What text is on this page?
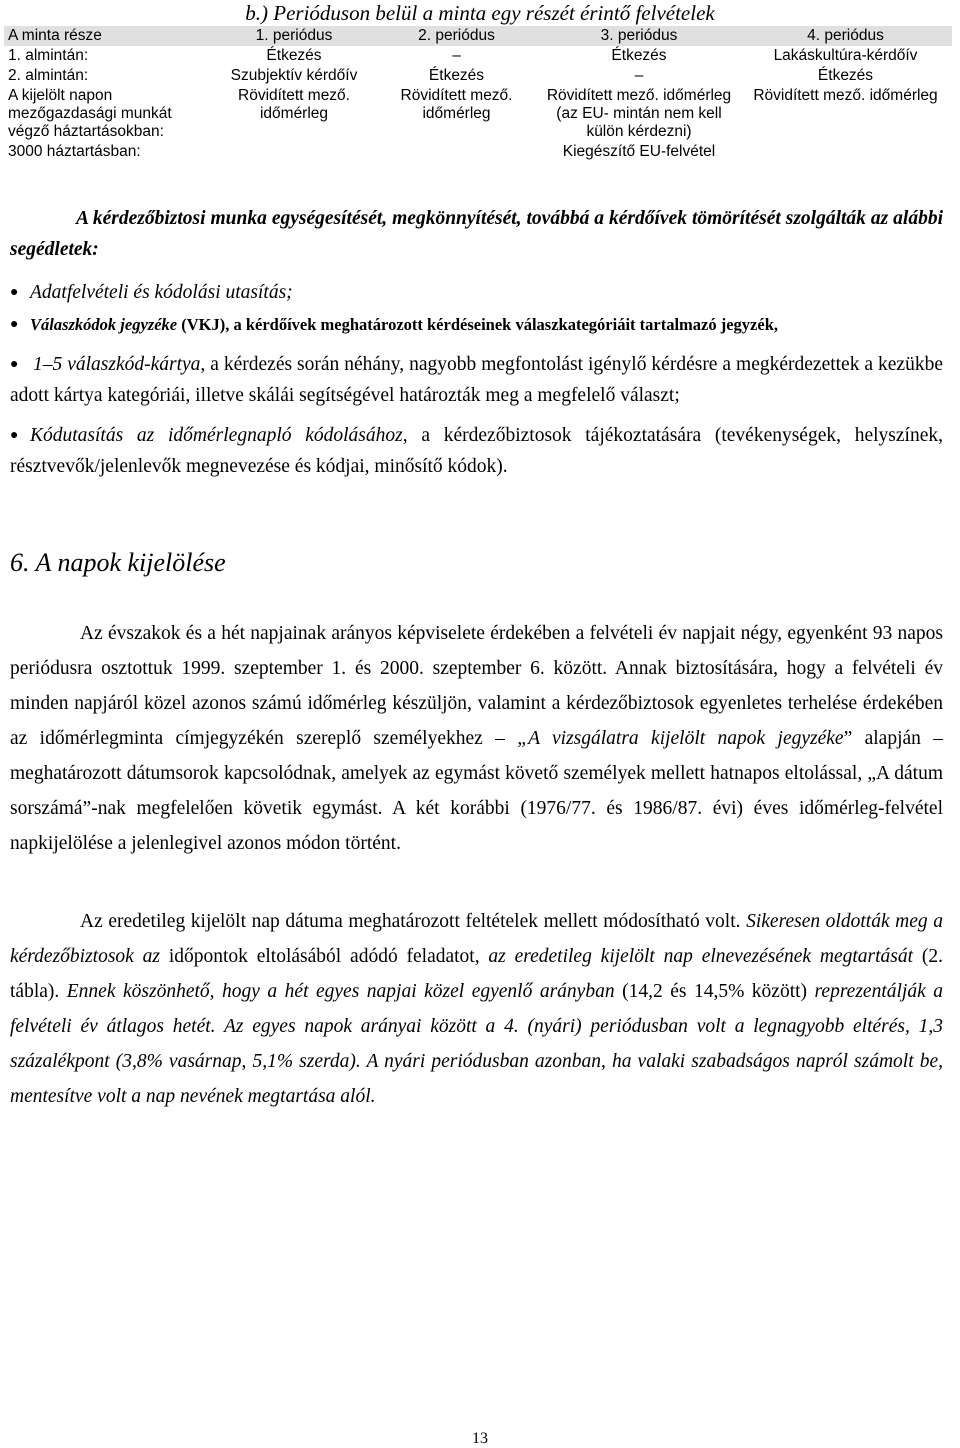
b.) Perióduson belül a minta egy részét érintő felvételek
A minta része	1. periódus	2. periódus	3. periódus	4. periódus
1. almintán:	Étkezés	–	Étkezés	Lakáskultúra-kérdőív
2. almintán:	Szubjektív kérdőív	Étkezés	–	Étkezés
A kijelölt napon mezőgazdasági munkát végző háztartásokban:	Rövidített mező. időmérleg	Rövidített mező. időmérleg	Rövidített mező. időmérleg (az EU- mintán nem kell külön kérdezni)	Rövidített mező. időmérleg
3000 háztartásban:			Kiegészítő EU-felvétel	

A kérdezőbiztosi munka egységesítését, megkönnyítését, továbbá a kérdőívek tömörítését szolgálták az alábbi segédletek:

● Adatfelvételi és kódolási utasítás;
● Válaszkódok jegyzéke (VKJ), a kérdőívek meghatározott kérdéseinek válaszkategóriáit tartalmazó jegyzék,
● 1–5 válaszkód-kártya, a kérdezés során néhány, nagyobb megfontolást igénylő kérdésre a megkérdezettek a kezükbe adott kártya kategóriái, illetve skálái segítségével határozták meg a megfelelő választ;
● Kódutasítás az időmérlegnapló kódolásához, a kérdezőbiztosok tájékoztatására (tevékenységek, helyszínek, résztvevők/jelenlevők megnevezése és kódjai, minősítő kódok).
6. A napok kijelölése

Az évszakok és a hét napjainak arányos képviselete érdekében a felvételi év napjait négy, egyenként 93 napos periódusra osztottuk 1999. szeptember 1. és 2000. szeptember 6. között. Annak biztosítására, hogy a felvételi év minden napjáról közel azonos számú időmérleg készüljön, valamint a kérdezőbiztosok egyenletes terhelése érdekében az időmérlegminta címjegyzékén szereplő személyekhez – „A vizsgálatra kijelölt napok jegyzéke” alapján – meghatározott dátumsorok kapcsolódnak, amelyek az egymást követő személyek mellett hatnapos eltolással, „A dátum sorszámá”-nak megfelelően követik egymást. A két korábbi (1976/77. és 1986/87. évi) éves időmérleg-felvétel napkijelölése a jelenlegivel azonos módon történt.

Az eredetileg kijelölt nap dátuma meghatározott feltételek mellett módosítható volt. Sikeresen oldották meg a kérdezőbiztosok az időpontok eltolásából adódó feladatot, az eredetileg kijelölt nap elnevezésének megtartását (2. tábla). Ennek köszönhető, hogy a hét egyes napjai közel egyenlő arányban (14,2 és 14,5% között) reprezentálják a felvételi év átlagos hetét. Az egyes napok arányai között a 4. (nyári) periódusban volt a legnagyobb eltérés, 1,3 százalékpont (3,8% vasárnap, 5,1% szerda). A nyári periódusban azonban, ha valaki szabadságos napról számolt be, mentesítve volt a nap nevének megtartása alól.

13
